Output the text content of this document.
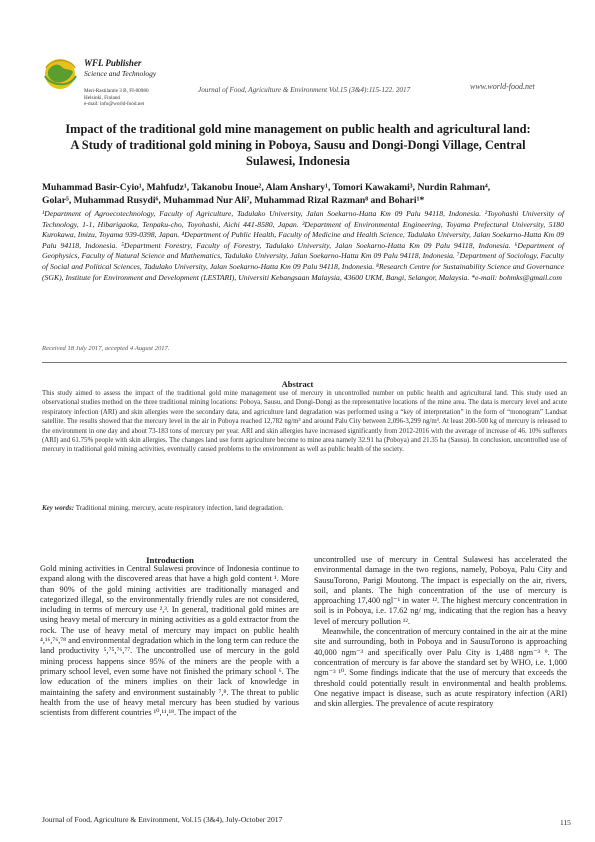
WFL Publisher
Science and Technology
Meri-Rastilantie 3 B, FI-00980
Helsinki, Finland
e-mail: info@world-food.net
Journal of Food, Agriculture & Environment Vol.15 (3&4):115-122. 2017	www.world-food.net
Impact of the traditional gold mine management on public health and agricultural land:
A Study of traditional gold mining in Poboya, Sausu and Dongi-Dongi Village, Central
Sulawesi, Indonesia
Muhammad Basir-Cyio¹, Mahfudz¹, Takanobu Inoue², Alam Anshary¹, Tomori Kawakami³, Nurdin Rahman⁴,
Golar⁵, Muhammad Rusydi⁶, Muhammad Nur Ali⁷, Muhammad Rizal Razman⁸ and Bohari¹*
¹Department of Agroecotechnology, Faculty of Agriculture, Tadulako University, Jalan Soekarno-Hatta Km 09 Palu 94118, Indonesia. ²Toyohashi University of Technology, 1-1, Hibarigaoka, Tenpaku-cho, Toyohashi, Aichi 441-8580, Japan. ³Department of Environmental Engineering, Toyama Prefectural University, 5180 Kurokawa, Imizu, Toyama 939-0398, Japan. ⁴Department of Public Health, Faculty of Medicine and Health Science, Tadulako University, Jalan Soekarno-Hatta Km 09 Palu 94118, Indonesia. ⁵Department Forestry, Faculty of Forestry, Tadulako University, Jalan Soekarno-Hatta Km 09 Palu 94118, Indonesia. ⁶Department of Geophysics, Faculty of Natural Science and Mathematics, Tadulako University, Jalan Soekarno-Hatta Km 09 Palu 94118, Indonesia. ⁷Department of Sociology, Faculty of Social and Political Sciences, Tadulako University, Jalan Soekarno-Hatta Km 09 Palu 94118, Indonesia. ⁸Research Centre for Sustainability Science and Governance (SGK), Institute for Environment and Development (LESTARI), Universiti Kebangsaan Malaysia, 43600 UKM, Bangi, Selangor, Malaysia. *e-mail: bohmks@gmail.com
Received 18 July 2017, accepted 4 August 2017.
Abstract
This study aimed to assess the impact of the traditional gold mine management use of mercury in uncontrolled number on public health and agricultural land. This study used an observational studies method on the three traditional mining locations: Poboya, Sausu, and Dongi-Dongi as the representative locations of the mine area. The data is mercury level and acute respiratory infection (ARI) and skin allergies were the secondary data, and agriculture land degradation was performed using a “key of interpretation” in the form of “monogram” Landsat satellite. The results showed that the mercury level in the air in Poboya reached 12,782 ng/m³ and around Palu City between 2,096-3,299 ng/m³. At least 200-500 kg of mercury is released to the environment in one day and about 73-183 tons of mercury per year. ARI and skin allergies have increased significantly from 2012-2016 with the average of increase of 46. 10% sufferers (ARI) and 61.75% people with skin allergies. The changes land use form agriculture become to mine area namely 32.91 ha (Poboya) and 21.35 ha (Sausu). In conclusion, uncontrolled use of mercury in traditional gold mining activities, eventually caused problems to the environment as well as public health of the society.
Key words: Traditional mining, mercury, acute respiratory infection, land degradation.
Introduction

Gold mining activities in Central Sulawesi province of Indonesia continue to expand along with the discovered areas that have a high gold content ¹. More than 90% of the gold mining activities are traditionally managed and categorized illegal, so the environmentally friendly rules are not considered, including in terms of mercury use ²,³. In general, traditional gold mines are using heavy metal of mercury in mining activities as a gold extractor from the rock. The use of heavy metal of mercury may impact on public health ⁴,¹⁶,⁷⁶,⁷⁸ and environmental degradation which in the long term can reduce the land productivity ⁵,⁷⁵,⁷⁶,⁷⁷. The uncontrolled use of mercury in the gold mining process happens since 95% of the miners are the people with a primary school level, even some have not finished the primary school ⁶. The low education of the miners implies on their lack of knowledge in maintaining the safety and environment sustainably ⁷,⁸. The threat to public health from the use of heavy metal mercury has been studied by various scientists from different countries ¹⁰,¹¹,¹⁸. The impact of the

uncontrolled use of mercury in Central Sulawesi has accelerated the environmental damage in the two regions, namely, Poboya, Palu City and SausuTorono, Parigi Moutong. The impact is especially on the air, rivers, soil, and plants. The high concentration of the use of mercury is approaching 17,400 ngl⁻¹ in water ¹². The highest mercury concentration in soil is in Poboya, i.e. 17.62 ng/ mg, indicating that the region has a heavy level of mercury pollution ¹².

Meanwhile, the concentration of mercury contained in the air at the mine site and surrounding, both in Poboya and in SausuTorono is approaching 40,000 ngm⁻³ and specifically over Palu City is 1,488 ngm⁻³ ⁹. The concentration of mercury is far above the standard set by WHO, i.e. 1,000 ngm⁻³ ¹⁰. Some findings indicate that the use of mercury that exceeds the threshold could potentially result in environmental and health problems. One negative impact is disease, such as acute respiratory infection (ARI) and skin allergies. The prevalence of acute respiratory

Journal of Food, Agriculture & Environment, Vol.15 (3&4), July-October 2017	115
